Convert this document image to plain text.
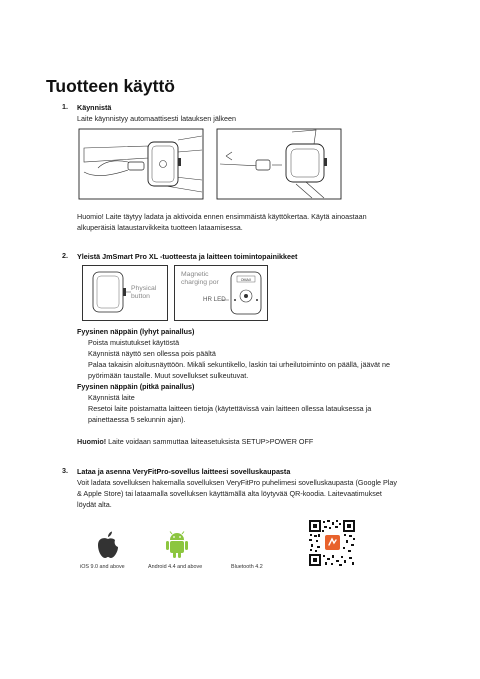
Tuotteen käyttö
1. Käynnistä
Laite käynnistyy automaattisesti latauksen jälkeen
Huomio! Laite täytyy ladata ja aktivoida ennen ensimmäistä käyttökertaa. Käytä ainoastaan
alkuperäisiä lataustarvikkeita tuotteen lataamisessa.
2. Yleistä JmSmart Pro XL -tuotteesta ja laitteen toimintopainikkeet
Physical
button
Magnetic
charging por
HR LED
OMAX
Fyysinen näppäin (lyhyt painallus)
Poista muistutukset käytöstä
Käynnistä näyttö sen ollessa pois päältä
Palaa takaisin aloitusnäyttöön. Mikäli sekuntikello, laskin tai urheilutoiminto on päällä, jäävät ne
pyörimään taustalle. Muut sovellukset sulkeutuvat.
Fyysinen näppäin (pitkä painallus)
Käynnistä laite
Resetoi laite poistamatta laitteen tietoja (käytettävissä vain laitteen ollessa latauksessa ja
painettaessa 5 sekunnin ajan).
Huomio! Laite voidaan sammuttaa laiteasetuksista SETUP>POWER OFF
3. Lataa ja asenna VeryFitPro-sovellus laitteesi sovelluskaupasta
Voit ladata sovelluksen hakemalla sovelluksen VeryFitPro puhelimesi sovelluskaupasta (Google Play
& Apple Store) tai lataamalla sovelluksen käyttämällä alta löytyvää QR-koodia. Laitevaatimukset
löydät alta.
iOS 9.0 and above	Android 4.4 and above	Bluetooth 4.2
